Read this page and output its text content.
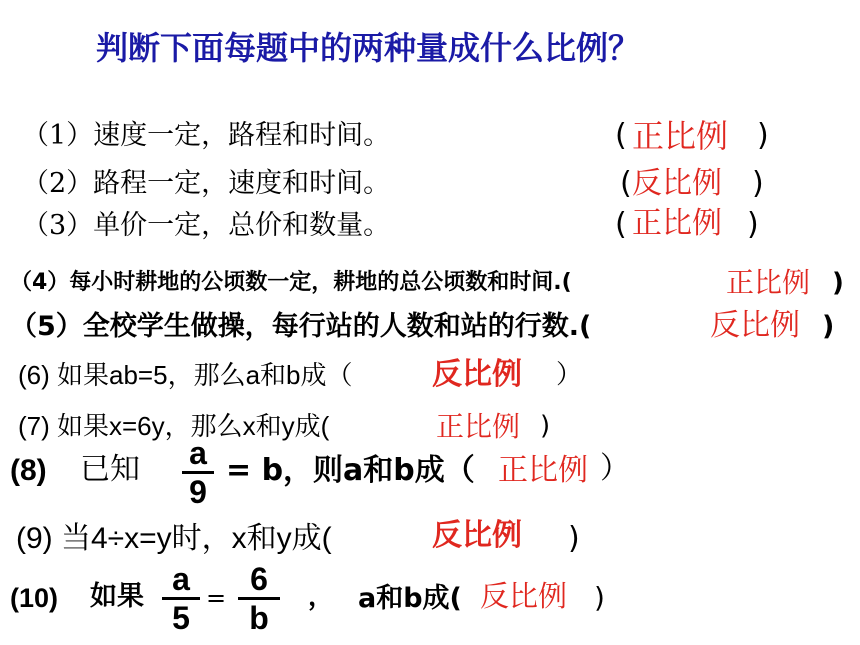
判断下面每题中的两种量成什么比例？
（1）速度一定，路程和时间。	( 正比例 )
（2）路程一定，速度和时间。	( 反比例 )
（3）单价一定，总价和数量。	( 正比例 )
（4）每小时耕地的公顷数一定，耕地的总公顷数和时间.(	正比例 )
（5）全校学生做操，每行站的人数和站的行数.(	反比例 )
(6) 如果ab=5，那么a和b成（	反比例 ）
(7) 如果x=6y，那么x和y成(	正比例 )
(8) 已知 a
9
= b，则a和b成（ 正比例 ）
(9) 当4÷x=y时，x和y成(	反比例 )
(10) 如果 a
5
=
6
b
， a和b成( 反比例 )
